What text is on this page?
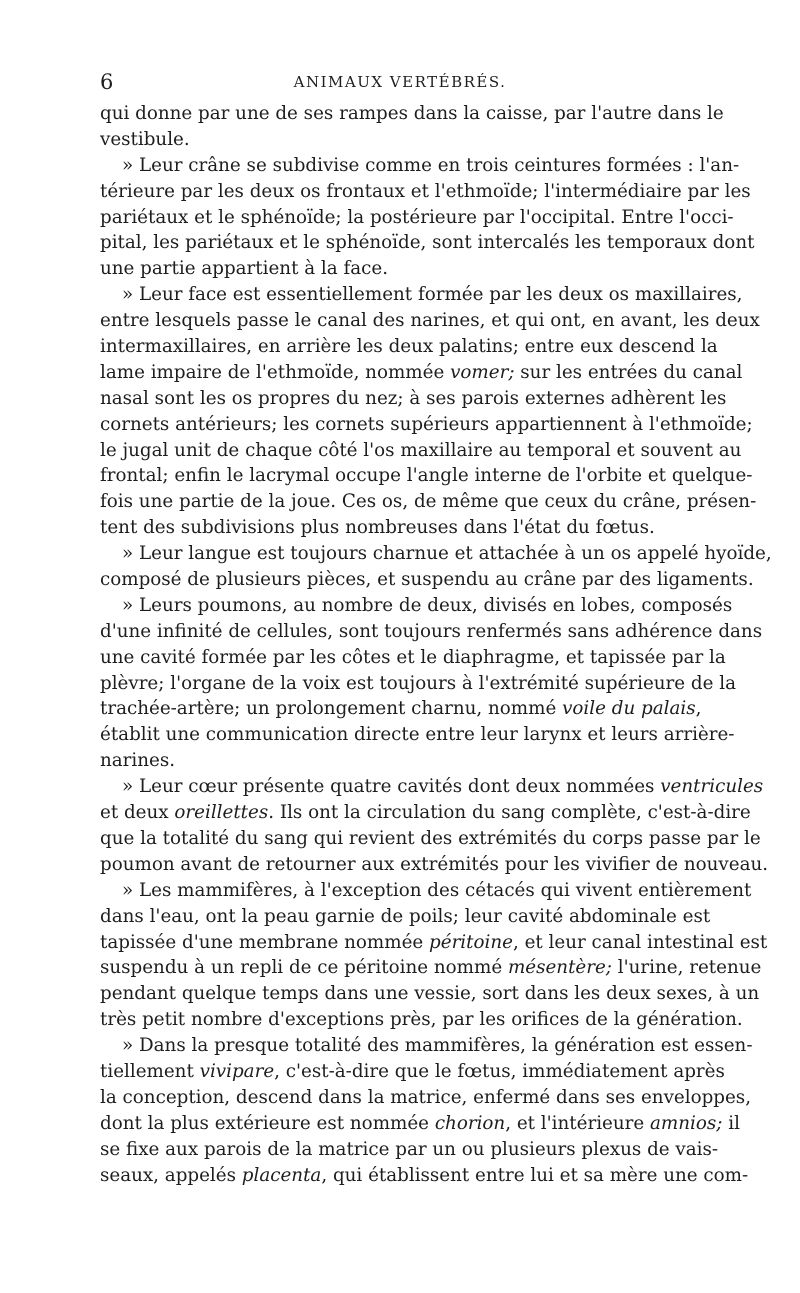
6	ANIMAUX VERTÉBRÉS.
qui donne par une de ses rampes dans la caisse, par l'autre dans le
vestibule.
» Leur crâne se subdivise comme en trois ceintures formées : l'an-
térieure par les deux os frontaux et l'ethmoïde; l'intermédiaire par les
pariétaux et le sphénoïde; la postérieure par l'occipital. Entre l'occi-
pital, les pariétaux et le sphénoïde, sont intercalés les temporaux dont
une partie appartient à la face.
» Leur face est essentiellement formée par les deux os maxillaires,
entre lesquels passe le canal des narines, et qui ont, en avant, les deux
intermaxillaires, en arrière les deux palatins; entre eux descend la
lame impaire de l'ethmoïde, nommée vomer; sur les entrées du canal
nasal sont les os propres du nez; à ses parois externes adhèrent les
cornets antérieurs; les cornets supérieurs appartiennent à l'ethmoïde;
le jugal unit de chaque côté l'os maxillaire au temporal et souvent au
frontal; enfin le lacrymal occupe l'angle interne de l'orbite et quelque-
fois une partie de la joue. Ces os, de même que ceux du crâne, présen-
tent des subdivisions plus nombreuses dans l'état du fœtus.
» Leur langue est toujours charnue et attachée à un os appelé hyoïde,
composé de plusieurs pièces, et suspendu au crâne par des ligaments.
» Leurs poumons, au nombre de deux, divisés en lobes, composés
d'une infinité de cellules, sont toujours renfermés sans adhérence dans
une cavité formée par les côtes et le diaphragme, et tapissée par la
plèvre; l'organe de la voix est toujours à l'extrémité supérieure de la
trachée-artère; un prolongement charnu, nommé voile du palais,
établit une communication directe entre leur larynx et leurs arrière-
narines.
» Leur cœur présente quatre cavités dont deux nommées ventricules
et deux oreillettes. Ils ont la circulation du sang complète, c'est-à-dire
que la totalité du sang qui revient des extrémités du corps passe par le
poumon avant de retourner aux extrémités pour les vivifier de nouveau.
» Les mammifères, à l'exception des cétacés qui vivent entièrement
dans l'eau, ont la peau garnie de poils; leur cavité abdominale est
tapissée d'une membrane nommée péritoine, et leur canal intestinal est
suspendu à un repli de ce péritoine nommé mésentère; l'urine, retenue
pendant quelque temps dans une vessie, sort dans les deux sexes, à un
très petit nombre d'exceptions près, par les orifices de la génération.
» Dans la presque totalité des mammifères, la génération est essen-
tiellement vivipare, c'est-à-dire que le fœtus, immédiatement après
la conception, descend dans la matrice, enfermé dans ses enveloppes,
dont la plus extérieure est nommée chorion, et l'intérieure amnios; il
se fixe aux parois de la matrice par un ou plusieurs plexus de vais-
seaux, appelés placenta, qui établissent entre lui et sa mère une com-
